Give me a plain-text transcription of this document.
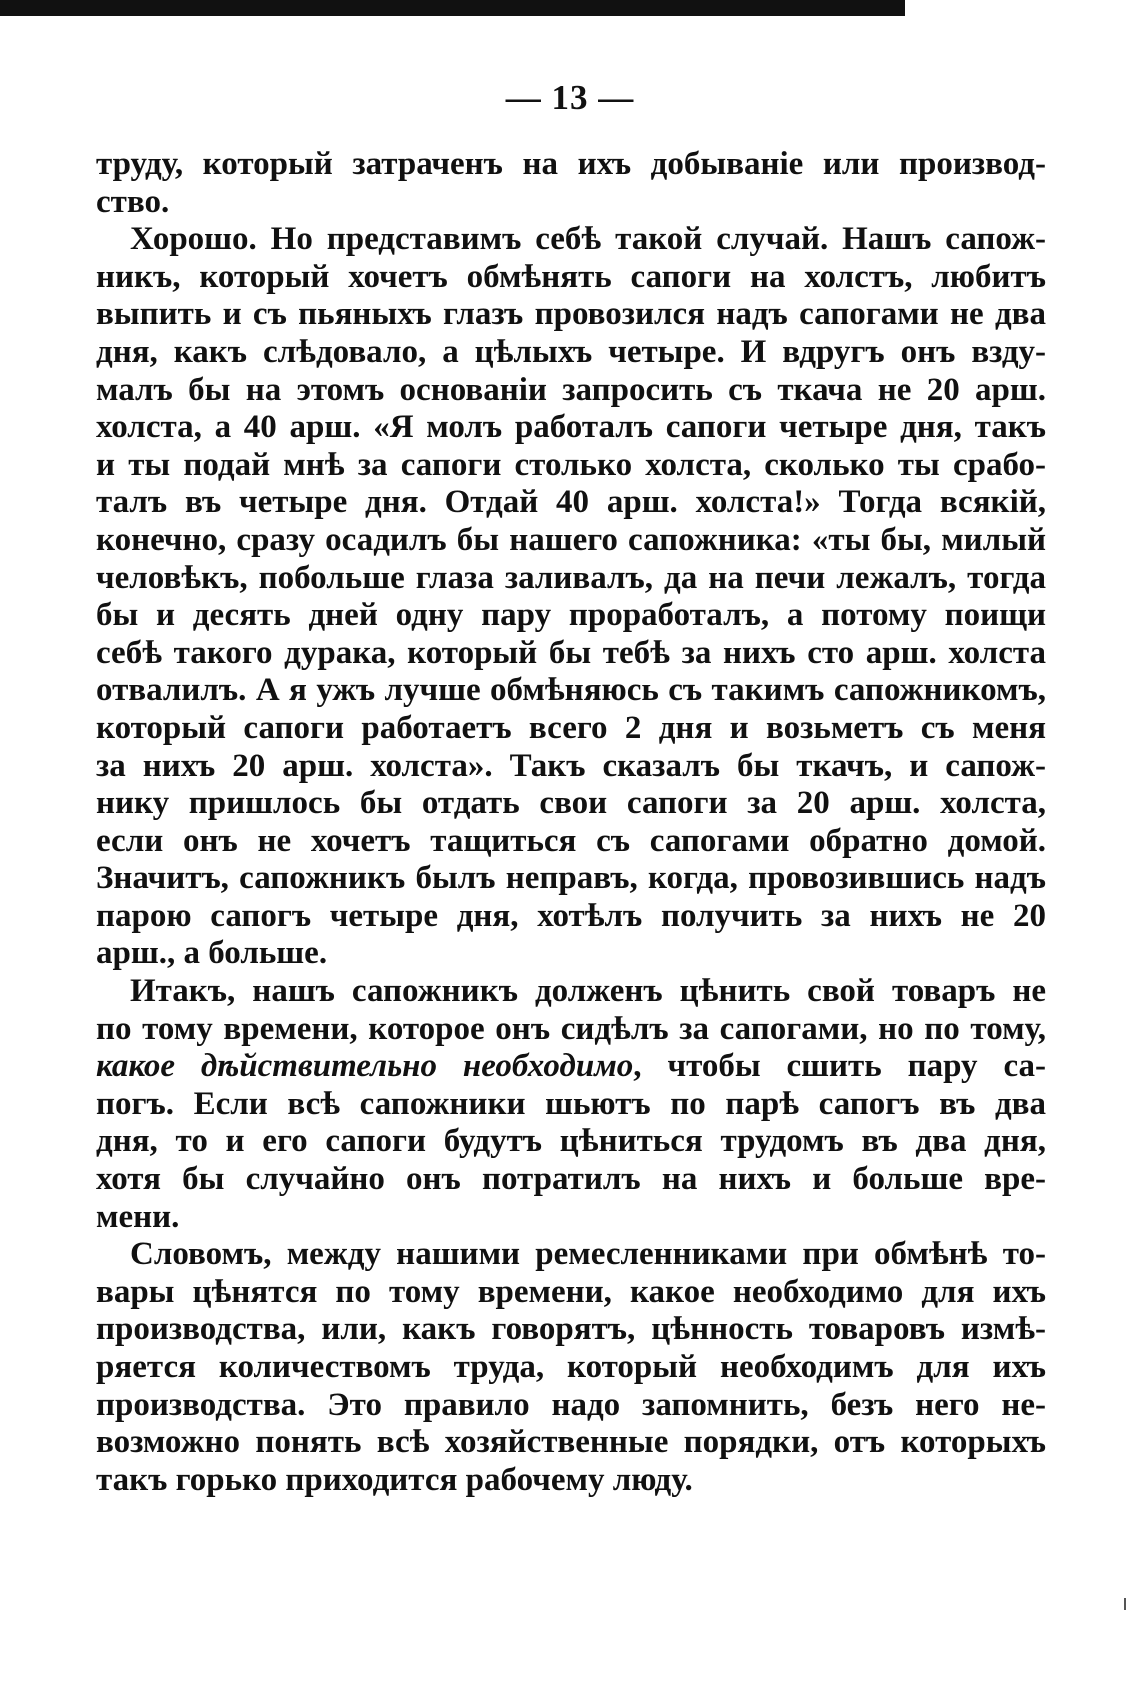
— 13 —
труду, который затраченъ на ихъ добываніе или производ-
ство.
Хорошо. Но представимъ себѣ такой случай. Нашъ сапож-
никъ, который хочетъ обмѣнять сапоги на холстъ, любитъ
выпить и съ пьяныхъ глазъ провозился надъ сапогами не два
дня, какъ слѣдовало, а цѣлыхъ четыре. И вдругъ онъ взду-
малъ бы на этомъ основаніи запросить съ ткача не 20 арш.
холста, а 40 арш. «Я молъ работалъ сапоги четыре дня, такъ
и ты подай мнѣ за сапоги столько холста, сколько ты срабо-
талъ въ четыре дня. Отдай 40 арш. холста!» Тогда всякій,
конечно, сразу осадилъ бы нашего сапожника: «ты бы, милый
человѣкъ, побольше глаза заливалъ, да на печи лежалъ, тогда
бы и десять дней одну пару проработалъ, а потому поищи
себѣ такого дурака, который бы тебѣ за нихъ сто арш. холста
отвалилъ. А я ужъ лучше обмѣняюсь съ такимъ сапожникомъ,
который сапоги работаетъ всего 2 дня и возьметъ съ меня
за нихъ 20 арш. холста». Такъ сказалъ бы ткачъ, и сапож-
нику пришлось бы отдать свои сапоги за 20 арш. холста,
если онъ не хочетъ тащиться съ сапогами обратно домой.
Значитъ, сапожникъ былъ неправъ, когда, провозившись надъ
парою сапогъ четыре дня, хотѣлъ получить за нихъ не 20
арш., а больше.
Итакъ, нашъ сапожникъ долженъ цѣнить свой товаръ не
по тому времени, которое онъ сидѣлъ за сапогами, но по тому,
какое дѣйствительно необходимо, чтобы сшить пару са-
погъ. Если всѣ сапожники шьютъ по парѣ сапогъ въ два
дня, то и его сапоги будутъ цѣниться трудомъ въ два дня,
хотя бы случайно онъ потратилъ на нихъ и больше вре-
мени.
Словомъ, между нашими ремесленниками при обмѣнѣ то-
вары цѣнятся по тому времени, какое необходимо для ихъ
производства, или, какъ говорятъ, цѣнность товаровъ измѣ-
ряется количествомъ труда, который необходимъ для ихъ
производства. Это правило надо запомнить, безъ него не-
возможно понять всѣ хозяйственные порядки, отъ которыхъ
такъ горько приходится рабочему люду.
